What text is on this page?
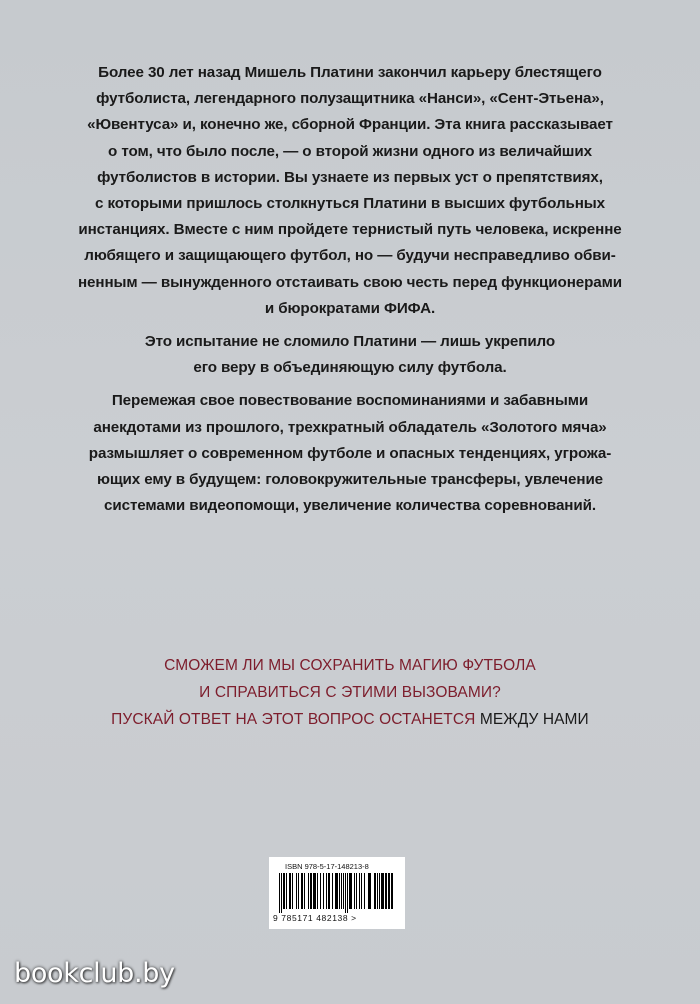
Более 30 лет назад Мишель Платини закончил карьеру блестящего
футболиста, легендарного полузащитника «Нанси», «Сент-Этьена»,
«Ювентуса» и, конечно же, сборной Франции. Эта книга рассказывает
о том, что было после, — о второй жизни одного из величайших
футболистов в истории. Вы узнаете из первых уст о препятствиях,
с которыми пришлось столкнуться Платини в высших футбольных
инстанциях. Вместе с ним пройдете тернистый путь человека, искренне
любящего и защищающего футбол, но — будучи несправедливо обви-
ненным — вынужденного отстаивать свою честь перед функционерами
и бюрократами ФИФА.

Это испытание не сломило Платини — лишь укрепило
его веру в объединяющую силу футбола.

Перемежая свое повествование воспоминаниями и забавными
анекдотами из прошлого, трехкратный обладатель «Золотого мяча»
размышляет о современном футболе и опасных тенденциях, угрожа-
ющих ему в будущем: головокружительные трансферы, увлечение
системами видеопомощи, увеличение количества соревнований.

СМОЖЕМ ЛИ МЫ СОХРАНИТЬ МАГИЮ ФУТБОЛА
И СПРАВИТЬСЯ С ЭТИМИ ВЫЗОВАМИ?
ПУСКАЙ ОТВЕТ НА ЭТОТ ВОПРОС ОСТАНЕТСЯ МЕЖДУ НАМИ
ISBN 978-5-17-148213-8
9 785171 482138 >
bookclub.by
